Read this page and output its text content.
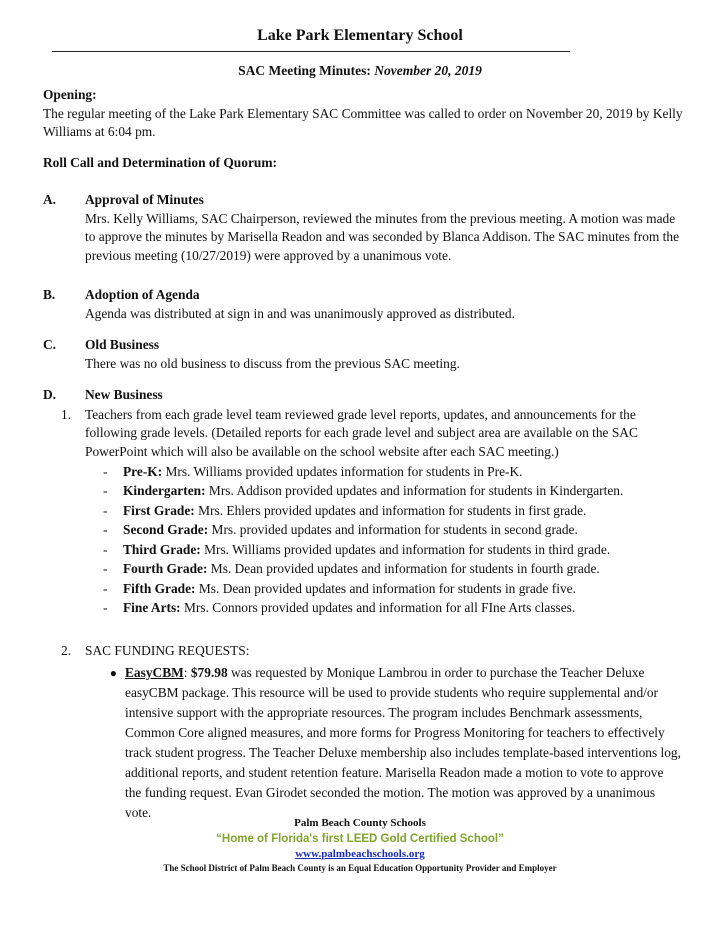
Lake Park Elementary School
SAC Meeting Minutes: November 20, 2019

Opening:

The regular meeting of the Lake Park Elementary SAC Committee was called to order on November 20, 2019 by Kelly Williams at 6:04 pm.

Roll Call and Determination of Quorum:

A.	Approval of Minutes

Mrs. Kelly Williams, SAC Chairperson, reviewed the minutes from the previous meeting. A motion was made to approve the minutes by Marisella Readon and was seconded by Blanca Addison. The SAC minutes from the previous meeting (10/27/2019) were approved by a unanimous vote.

B.	Adoption of Agenda

Agenda was distributed at sign in and was unanimously approved as distributed.

C.	Old Business

There was no old business to discuss from the previous SAC meeting.

D.	New Business

1.	Teachers from each grade level team reviewed grade level reports, updates, and announcements for the following grade levels. (Detailed reports for each grade level and subject area are available on the SAC PowerPoint which will also be available on the school website after each SAC meeting.)

-	Pre-K: Mrs. Williams provided updates information for students in Pre-K.
-	Kindergarten: Mrs. Addison provided updates and information for students in Kindergarten.
-	First Grade: Mrs. Ehlers provided updates and information for students in first grade.
-	Second Grade: Mrs. provided updates and information for students in second grade.
-	Third Grade: Mrs. Williams provided updates and information for students in third grade.
-	Fourth Grade: Ms. Dean provided updates and information for students in fourth grade.
-	Fifth Grade: Ms. Dean provided updates and information for students in grade five.
-	Fine Arts: Mrs. Connors provided updates and information for all FIne Arts classes.
2.	SAC FUNDING REQUESTS:

● EasyCBM: $79.98 was requested by Monique Lambrou in order to purchase the Teacher Deluxe easyCBM package. This resource will be used to provide students who require supplemental and/or intensive support with the appropriate resources. The program includes Benchmark assessments, Common Core aligned measures, and more forms for Progress Monitoring for teachers to effectively track student progress. The Teacher Deluxe membership also includes template-based interventions log, additional reports, and student retention feature. Marisella Readon made a motion to vote to approve the funding request. Evan Girodet seconded the motion. The motion was approved by a unanimous vote.
Palm Beach County Schools
“Home of Florida's first LEED Gold Certified School”
www.palmbeachschools.org
The School District of Palm Beach County is an Equal Education Opportunity Provider and Employer
